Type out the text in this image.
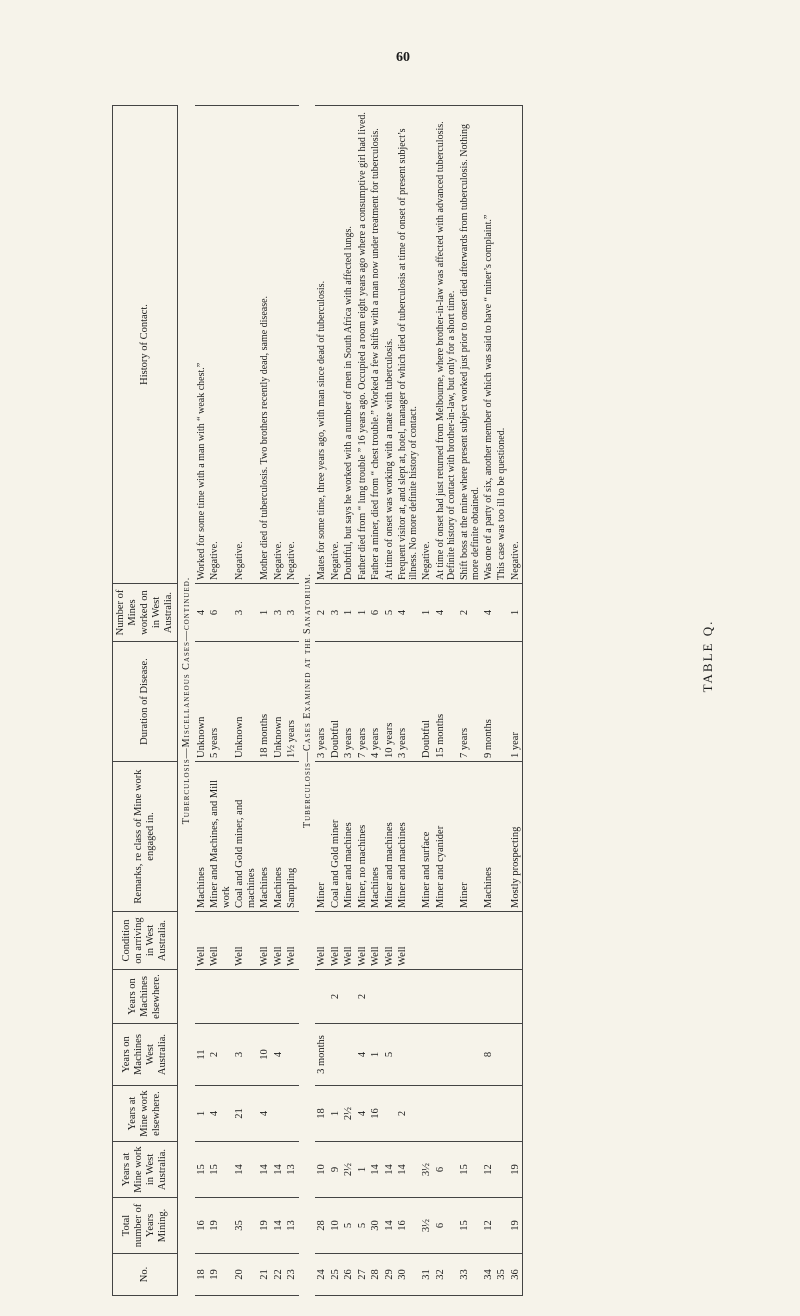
60
TABLE Q.
No.	Total number of Years Mining.	Years at Mine work in West Australia.	Years at Mine work elsewhere.	Years on Machines West Australia.	Years on Machines elsewhere.	Condition on arriving in West Australia.	Remarks, re class of Mine work engaged in.	Duration of Disease.	Number of Mines worked on in West Australia.	History of Contact.
Tuberculosis—Miscellaneous Cases—continued.										
18	16	15	1	11		Well	Machines	Unknown	4	Worked for some time with a man with “ weak chest.”
19	19	15	4	2		Well	Miner and Machines, and Mill work	5 years	6	Negative.
20	35	14	21	3		Well	Coal and Gold miner, and machines	Unknown	3	Negative.
21	19	14	4	10		Well	Machines	18 months	1	Mother died of tuberculosis. Two brothers recently dead, same disease.
22	14	14		4		Well	Machines	Unknown	3	Negative.
23	13	13				Well	Sampling	1½ years	3	Negative.
Tuberculosis—Cases Examined at the Sanatorium.										
24	28	10	18	3 months		Well	Miner	3 years	2	Mates for some time, three years ago, with man since dead of tuberculosis.
25	10	9	1		2	Well	Coal and Gold miner	Doubtful	3	Negative.
26	5	2½	2½			Well	Miner and machines	3 years	1	Doubtful, but says he worked with a number of men in South Africa with affected lungs.
27	5	1	4	4	2	Well	Miner, no machines	7 years	1	Father died from “ lung trouble ” 16 years ago. Occupied a room eight years ago where a consumptive girl had lived.
28	30	14	16	1		Well	Machines	4 years	6	Father a miner, died from “ chest trouble.” Worked a few shifts with a man now under treatment for tuberculosis.
29	14	14		5		Well	Miner and machines	10 years	5	At time of onset was working with a mate with tuberculosis.
30	16	14	2			Well	Miner and machines	3 years	4	Frequent visitor at, and slept at, hotel, manager of which died of tuberculosis at time of onset of present subject’s illness. No more definite history of contact.
31	3½	3½					Miner and surface	Doubtful	1	Negative.
32	6	6					Miner and cyanider	15 months	4	At time of onset had just returned from Melbourne, where brother-in-law was affected with advanced tuberculosis. Definite history of contact with brother-in-law, but only for a short time.
33	15	15					Miner	7 years	2	Shift boss at the mine where present subject worked just prior to onset died afterwards from tuberculosis. Nothing more definite obtained.
34	12	12		8			Machines	9 months	4	Was one of a party of six, another member of which was said to have “ miner’s complaint.”
35										This case was too ill to be questioned.
36	19	19					Mostly prospecting	1 year	1	Negative.
